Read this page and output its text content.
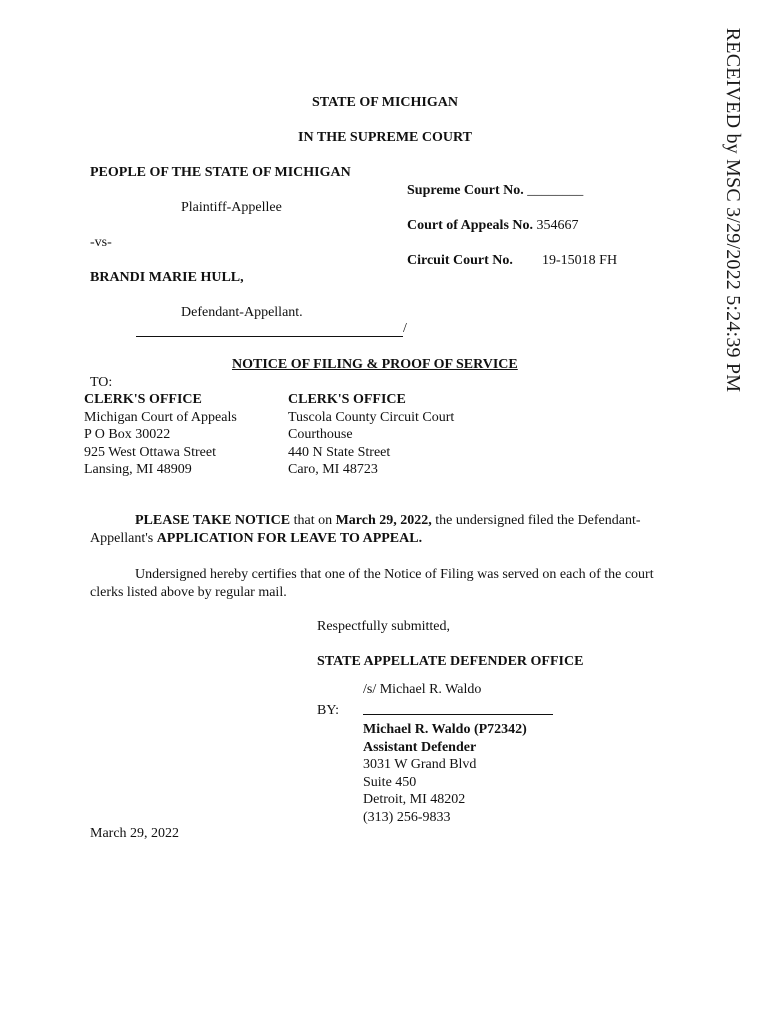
RECEIVED by MSC 3/29/2022 5:24:39 PM
STATE OF MICHIGAN
IN THE SUPREME COURT
PEOPLE OF THE STATE OF MICHIGAN
Plaintiff-Appellee
-vs-
BRANDI MARIE HULL,
Defendant-Appellant.
/
Supreme Court No. ________
Court of Appeals No. 354667
Circuit Court No. 19-15018 FH
NOTICE OF FILING & PROOF OF SERVICE
TO:
CLERK'S OFFICE
Michigan Court of Appeals
P O Box 30022
925 West Ottawa Street
Lansing, MI 48909
CLERK'S OFFICE
Tuscola County Circuit Court
Courthouse
440 N State Street
Caro, MI 48723
PLEASE TAKE NOTICE that on March 29, 2022, the undersigned filed the Defendant-Appellant's APPLICATION FOR LEAVE TO APPEAL.
Undersigned hereby certifies that one of the Notice of Filing was served on each of the court clerks listed above by regular mail.
Respectfully submitted,
STATE APPELLATE DEFENDER OFFICE
/s/ Michael R. Waldo
BY:
Michael R. Waldo (P72342)
Assistant Defender
3031 W Grand Blvd
Suite 450
Detroit, MI 48202
(313) 256-9833
March 29, 2022
